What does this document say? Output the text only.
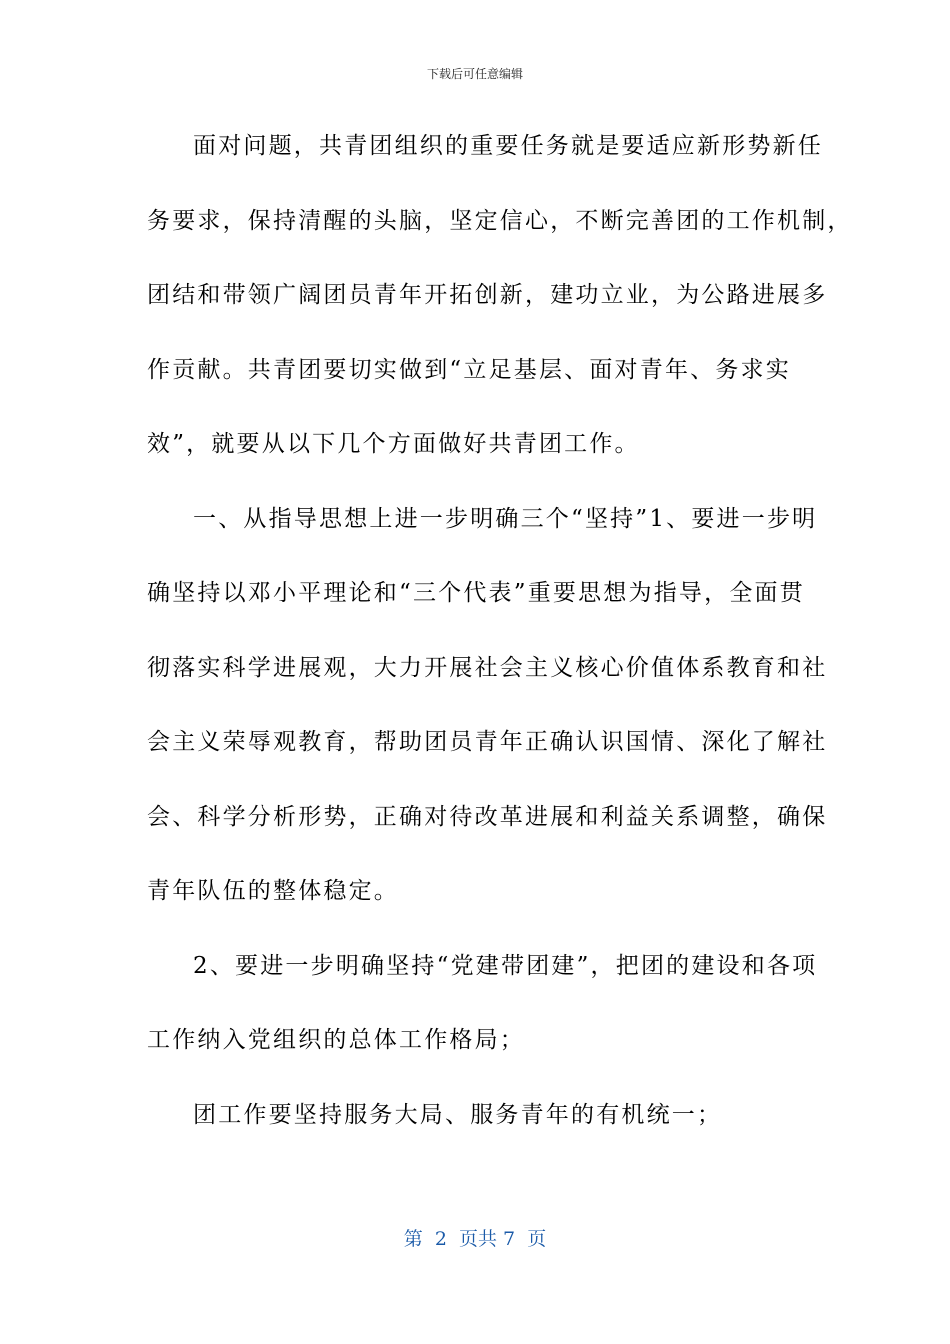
下载后可任意编辑
面对问题，共青团组织的重要任务就是要适应新形势新任
务要求，保持清醒的头脑，坚定信心，不断完善团的工作机制，
团结和带领广阔团员青年开拓创新，建功立业，为公路进展多
作贡献。共青团要切实做到“立足基层、面对青年、务求实
效”，就要从以下几个方面做好共青团工作。
一、从指导思想上进一步明确三个“坚持”1、要进一步明
确坚持以邓小平理论和“三个代表”重要思想为指导，全面贯
彻落实科学进展观，大力开展社会主义核心价值体系教育和社
会主义荣辱观教育，帮助团员青年正确认识国情、深化了解社
会、科学分析形势，正确对待改革进展和利益关系调整，确保
青年队伍的整体稳定。
2、要进一步明确坚持“党建带团建”，把团的建设和各项
工作纳入党组织的总体工作格局；
团工作要坚持服务大局、服务青年的有机统一；
第  2  页共 7  页
